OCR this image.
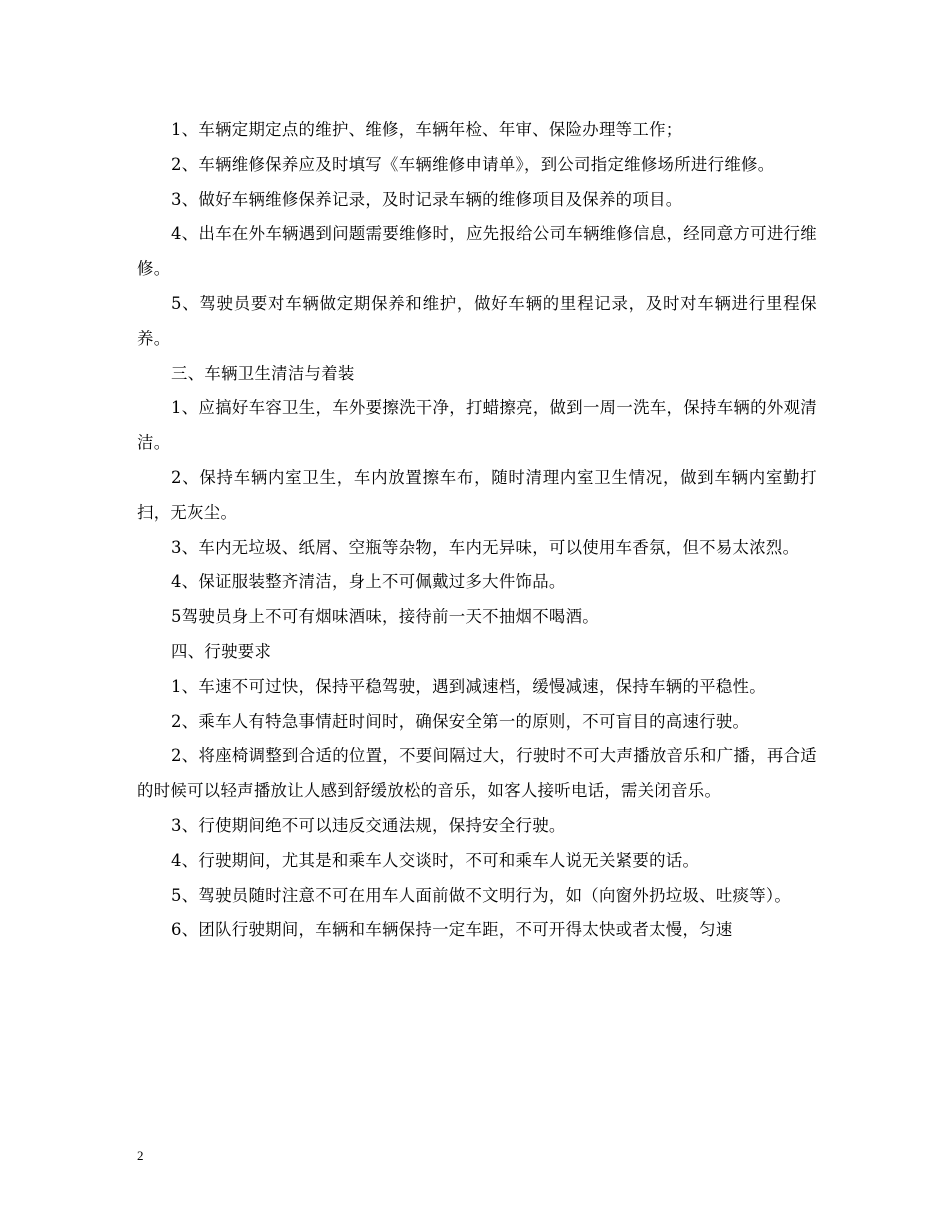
1、车辆定期定点的维护、维修，车辆年检、年审、保险办理等工作；

2、车辆维修保养应及时填写《车辆维修申请单》，到公司指定维修场所进行维修。

3、做好车辆维修保养记录，及时记录车辆的维修项目及保养的项目。

4、出车在外车辆遇到问题需要维修时，应先报给公司车辆维修信息，经同意方可进行维修。

5、驾驶员要对车辆做定期保养和维护，做好车辆的里程记录，及时对车辆进行里程保养。

三、车辆卫生清洁与着装

1、应搞好车容卫生，车外要擦洗干净，打蜡擦亮，做到一周一洗车，保持车辆的外观清洁。

2、保持车辆内室卫生，车内放置擦车布，随时清理内室卫生情况，做到车辆内室勤打扫，无灰尘。

3、车内无垃圾、纸屑、空瓶等杂物，车内无异味，可以使用车香氛，但不易太浓烈。

4、保证服装整齐清洁，身上不可佩戴过多大件饰品。

5驾驶员身上不可有烟味酒味，接待前一天不抽烟不喝酒。

四、行驶要求

1、车速不可过快，保持平稳驾驶，遇到减速档，缓慢减速，保持车辆的平稳性。

2、乘车人有特急事情赶时间时，确保安全第一的原则，不可盲目的高速行驶。

2、将座椅调整到合适的位置，不要间隔过大，行驶时不可大声播放音乐和广播，再合适的时候可以轻声播放让人感到舒缓放松的音乐，如客人接听电话，需关闭音乐。

3、行使期间绝不可以违反交通法规，保持安全行驶。

4、行驶期间，尤其是和乘车人交谈时，不可和乘车人说无关紧要的话。

5、驾驶员随时注意不可在用车人面前做不文明行为，如（向窗外扔垃圾、吐痰等）。

6、团队行驶期间，车辆和车辆保持一定车距，不可开得太快或者太慢，匀速

2
